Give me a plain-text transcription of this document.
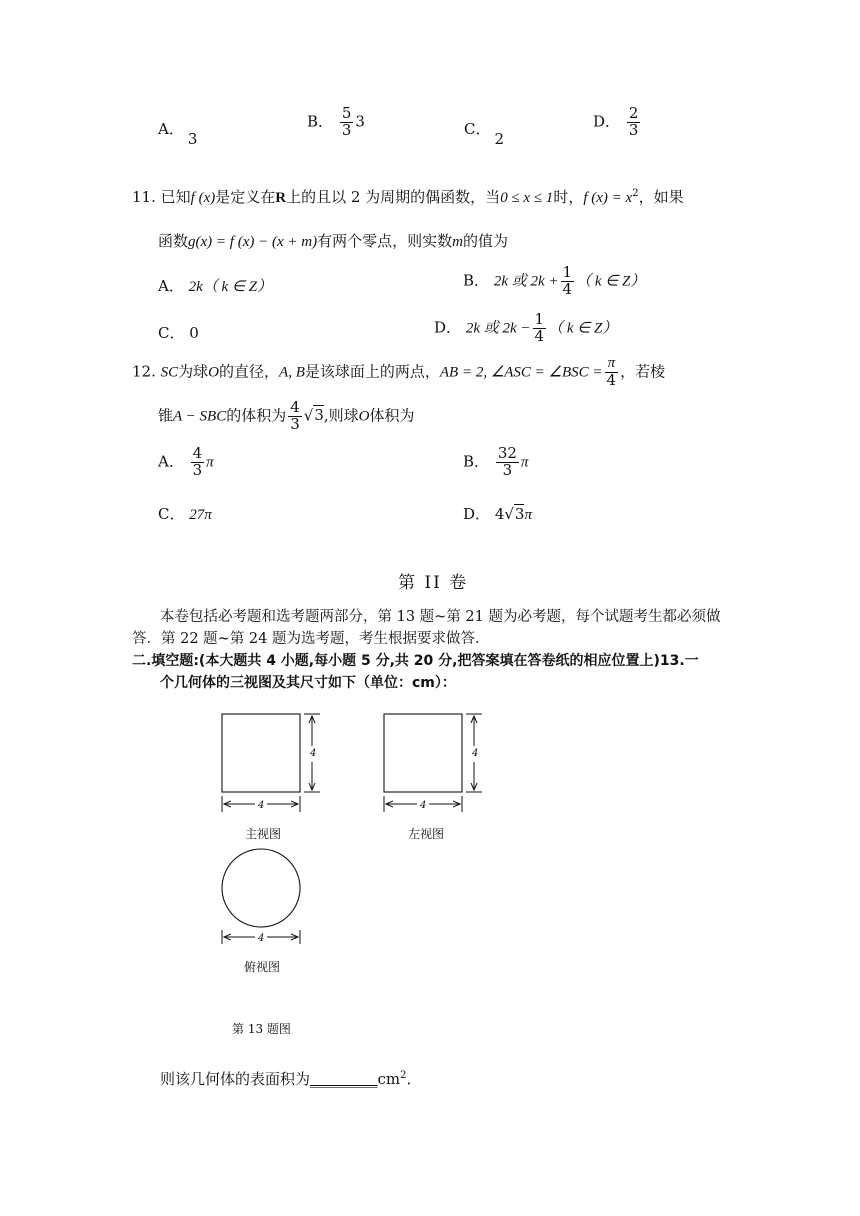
A．3
B． $\frac{5}{3} 3$	C．2
D． $\frac{2}{3}$
11. 已知f (x)是定义在R上的且以 2 为周期的偶函数，当0 ≤ x ≤ 1时，f $(x) = x^2$，如果
函数g(x) = f (x) − (x + m)有两个零点，则实数m的值为
A． 2k（ k ∈ Z）	B． 2k 或 $2k + \frac{1}{4}$ （ k ∈ Z）
C． 0	D． 2k 或 $2k - \frac{1}{4}$ （ k ∈ Z）
12. SC为球O的直径，A, B是该球面上的两点，AB = 2, ∠ASC = ∠BSC = $\frac{\pi}{4}$ ，若棱
锥A − SBC的体积为 $\frac{4}{3} √3$,则球O体积为
A． $\frac{4}{3}$ π	B． $\frac{32}{3}$ π
C． 27π	D． 4√3π
第 II 卷
本卷包括必考题和选考题两部分，第 13 题~第 21 题为必考题，每个试题考生都必须做
答．第 22 题~第 24 题为选考题，考生根据要求做答．
二.填空题:(本大题共 4 小题,每小题 5 分,共 20 分,把答案填在答卷纸的相应位置上)13.一
个几何体的三视图及其尺寸如下（单位：cm）：
4
4
4
4
4
主视图	左视图
俯视图
第 13 题图
则该几何体的表面积为$\_\_\_\_\_\_\_\_\_cm^2$．
